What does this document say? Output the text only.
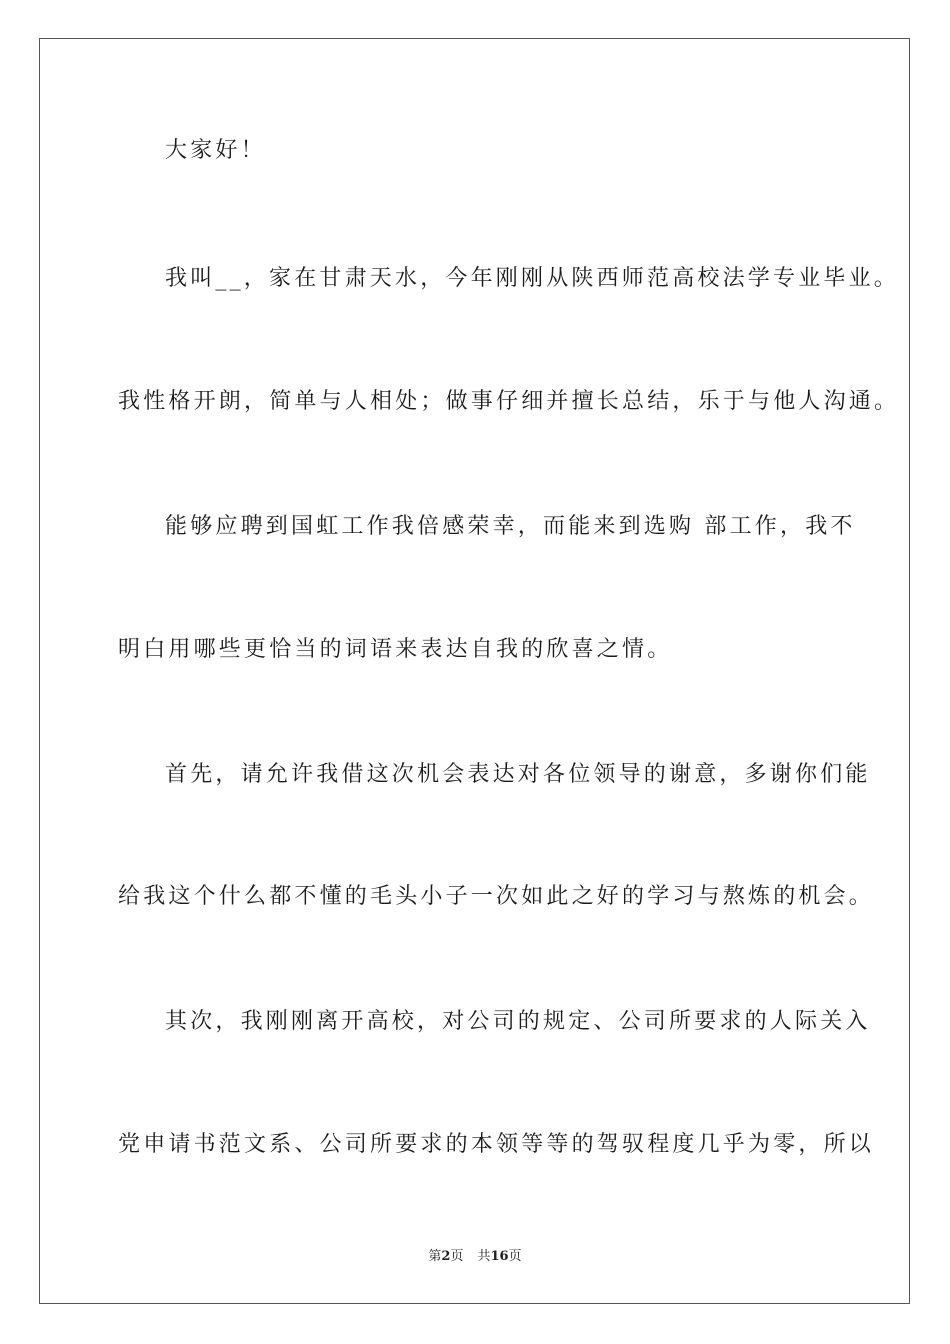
大家好！
我叫__，家在甘肃天水，今年刚刚从陕西师范高校法学专业毕业。
我性格开朗，简单与人相处；做事仔细并擅长总结，乐于与他人沟通。
能够应聘到国虹工作我倍感荣幸，而能来到选购 部工作，我不
明白用哪些更恰当的词语来表达自我的欣喜之情。
首先，请允许我借这次机会表达对各位领导的谢意，多谢你们能
给我这个什么都不懂的毛头小子一次如此之好的学习与熬炼的机会。
其次，我刚刚离开高校，对公司的规定、公司所要求的人际关入
党申请书范文系、公司所要求的本领等等的驾驭程度几乎为零，所以
第2页 共16页
